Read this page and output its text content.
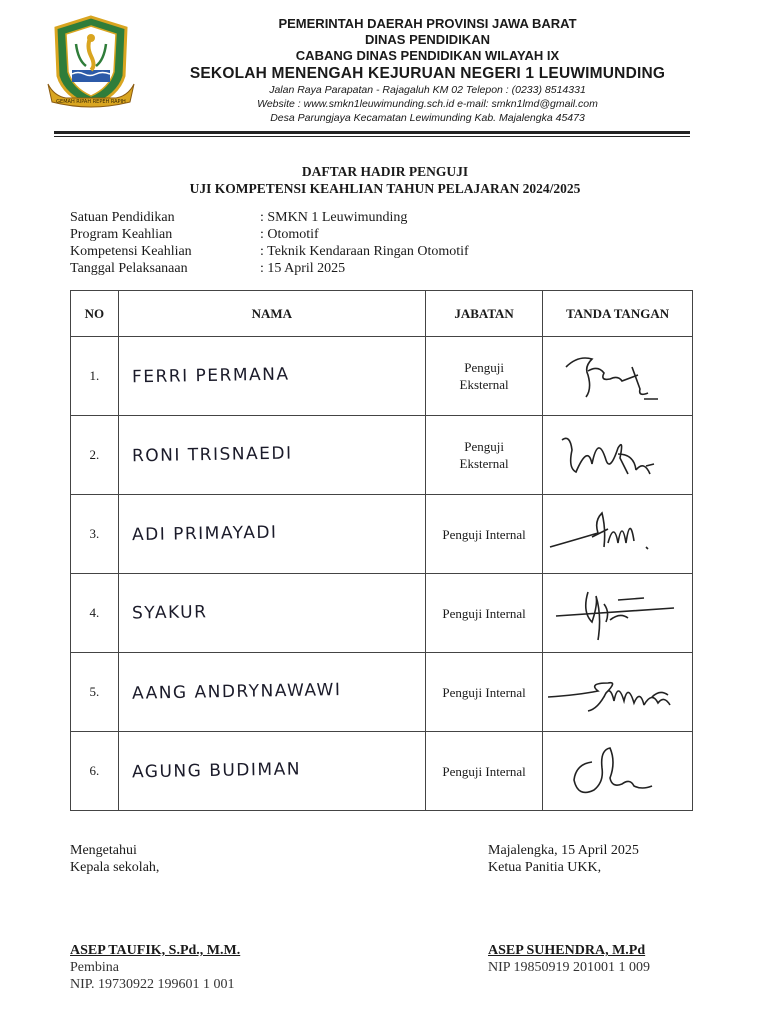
GEMAH RIPAH REPEH RAPIH
PEMERINTAH DAERAH PROVINSI JAWA BARAT
DINAS PENDIDIKAN
CABANG DINAS PENDIDIKAN WILAYAH IX
SEKOLAH MENENGAH KEJURUAN NEGERI 1 LEUWIMUNDING
Jalan Raya Parapatan - Rajagaluh KM 02 Telepon : (0233) 8514331
Website : www.smkn1leuwimunding.sch.id e-mail: smkn1lmd@gmail.com
Desa Parungjaya Kecamatan Lewimunding Kab. Majalengka 45473
DAFTAR HADIR PENGUJI
UJI KOMPETENSI KEAHLIAN TAHUN PELAJARAN 2024/2025
Satuan Pendidikan	: SMKN 1 Leuwimunding
Program Keahlian	: Otomotif
Kompetensi Keahlian	: Teknik Kendaraan Ringan Otomotif
Tanggal Pelaksanaan	: 15 April 2025
NO	NAMA	JABATAN	TANDA TANGAN
1.	FERRI PERMANA	Penguji
Eksternal

2.	RONI TRISNAEDI	Penguji
Eksternal

3.	ADI PRIMAYADI	Penguji Internal

4.	SYAKUR	Penguji Internal

5.	AANG ANDRYNAWAWI	Penguji Internal

6.	AGUNG BUDIMAN	Penguji Internal

Mengetahui
Kepala sekolah,
Majalengka, 15 April 2025
Ketua Panitia UKK,
ASEP TAUFIK, S.Pd., M.M.
Pembina
NIP. 19730922 199601 1 001
ASEP SUHENDRA, M.Pd
NIP 19850919 201001 1 009
